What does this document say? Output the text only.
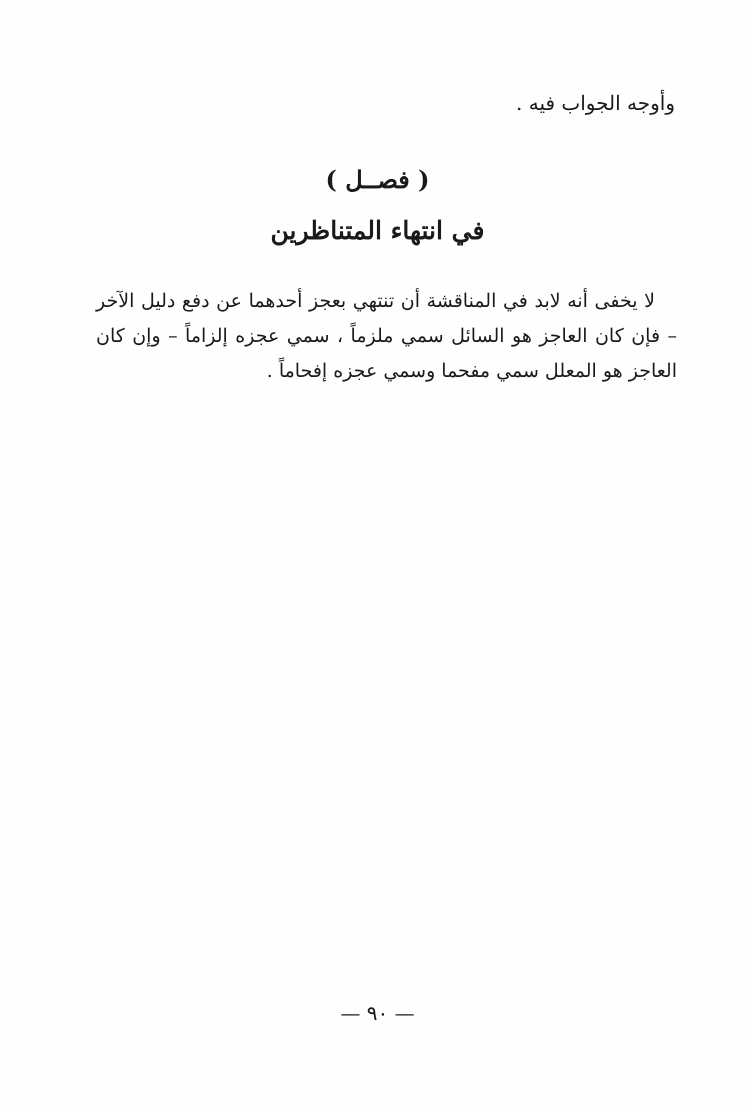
وأوجه الجواب فيه .
( فصــل )
في انتهاء المتناظرين

لا يخفى أنه لابد في المناقشة أن تنتهي بعجز أحدهما عن دفع دليل الآخر – فإن كان العاجز هو السائل سمي ملزماً ، سمي عجزه إلزاماً – وإن كان العاجز هو المعلل سمي مفحما وسمي عجزه إفحاماً .

— ٩٠ —
